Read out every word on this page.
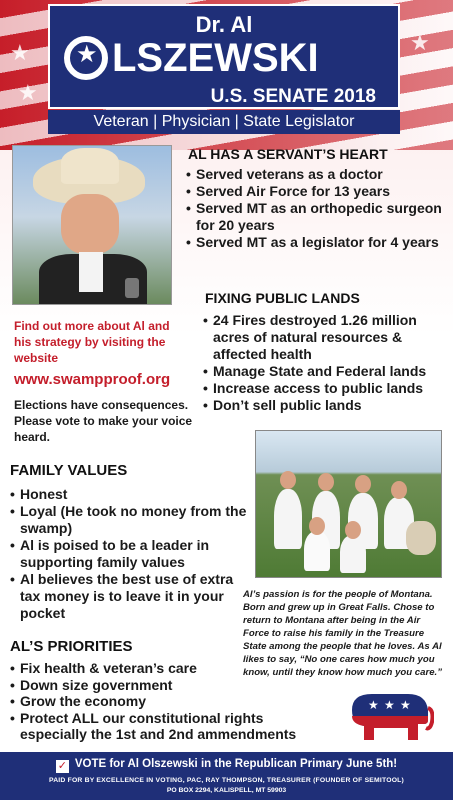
★
★
★
Dr. Al
★ LSZEWSKI
U.S. SENATE 2018
Veteran | Physician | State Legislator
AL HAS A SERVANT’S HEART
• Served veterans as a doctor
• Served Air Force for 13 years
• Served MT as an orthopedic surgeon for 20 years
• Served MT as a legislator for 4 years
FIXING PUBLIC LANDS
• 24 Fires destroyed 1.26 million acres of natural resources & affected health
• Manage State and Federal lands
• Increase access to public lands
• Don’t sell public lands
Find out more about Al and his strategy by visiting the website
www.swampproof.org
Elections have consequences. Please vote to make your voice heard.
Al’s passion is for the people of Montana. Born and grew up in Great Falls. Chose to return to Montana after being in the Air Force to raise his family in the Treasure State among the people that he loves. As Al likes to say, “No one cares how much you know, until they know how much you care.”
FAMILY VALUES
• Honest
• Loyal (He took no money from the swamp)
• Al is poised to be a leader in supporting family values
• Al believes the best use of extra tax money is to leave it in your pocket
AL’S PRIORITIES
• Fix health & veteran’s care
• Down size government
• Grow the economy
• Protect ALL our constitutional rights especially the 1st and 2nd ammendments
★ ★ ★
✓ VOTE for Al Olszewski in the Republican Primary June 5th!
PAID FOR BY EXCELLENCE IN VOTING, PAC, RAY THOMPSON, TREASURER (FOUNDER OF SEMITOOL)
PO BOX 2294, KALISPELL, MT 59903
